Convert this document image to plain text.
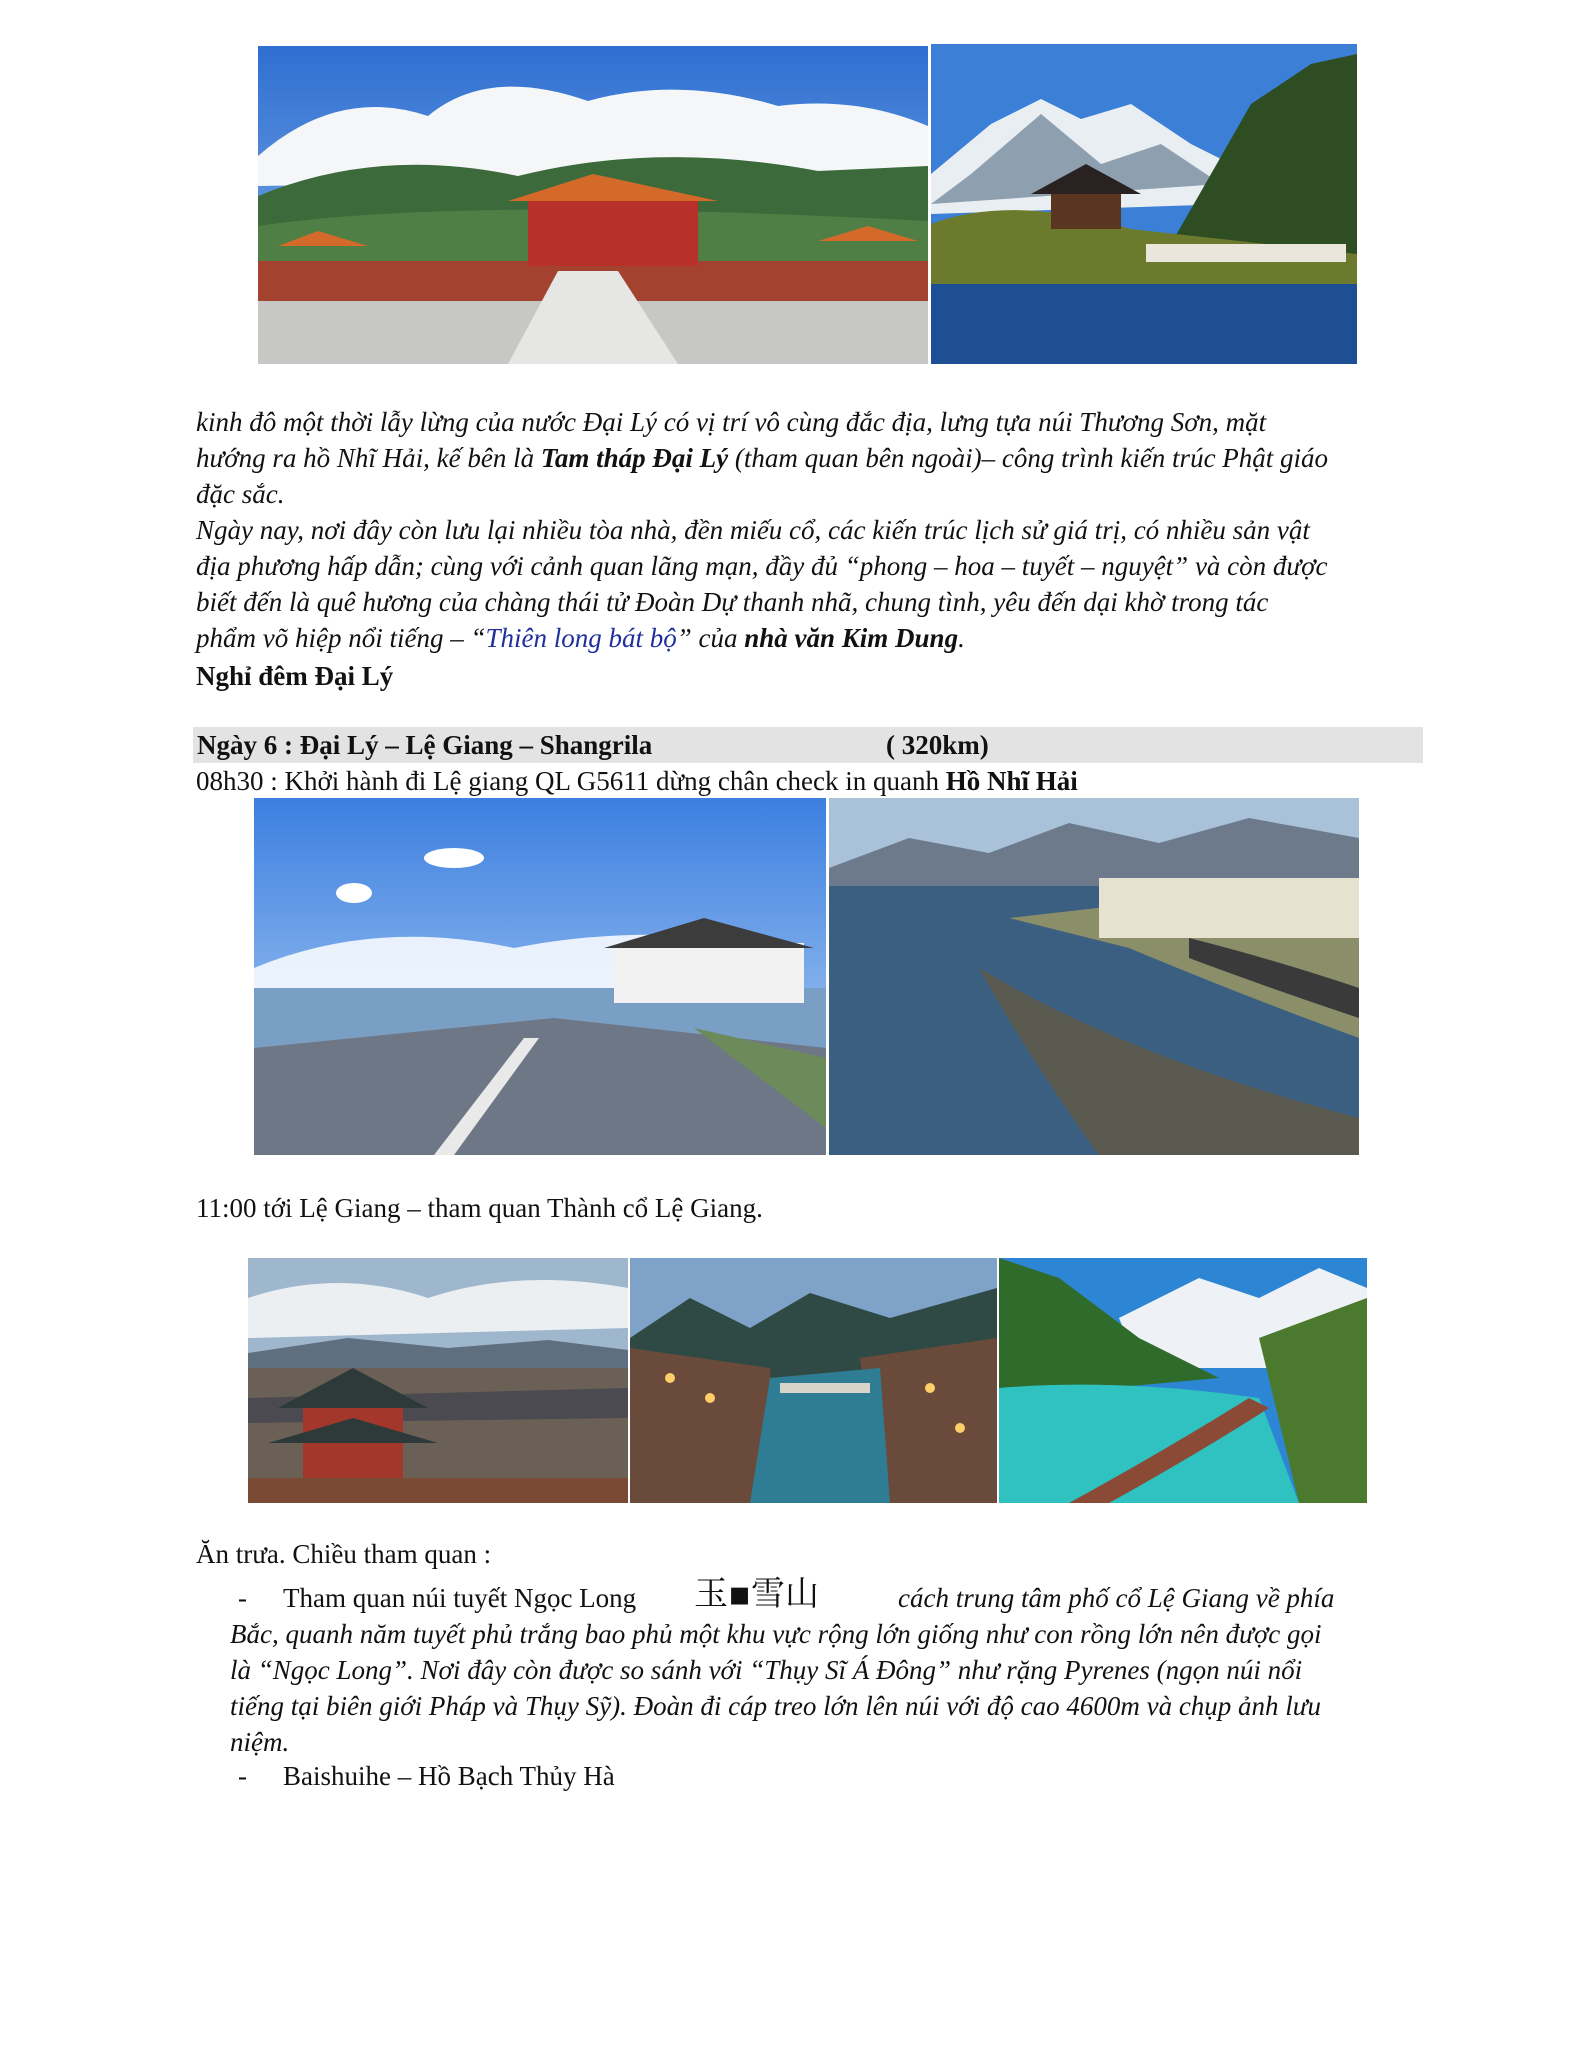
kinh đô một thời lẫy lừng của nước Đại Lý có vị trí vô cùng đắc địa, lưng tựa núi Thương Sơn, mặt
hướng ra hồ Nhĩ Hải, kế bên là Tam tháp Đại Lý (tham quan bên ngoài)– công trình kiến trúc Phật giáo
đặc sắc.
Ngày nay, nơi đây còn lưu lại nhiều tòa nhà, đền miếu cổ, các kiến trúc lịch sử giá trị, có nhiều sản vật
địa phương hấp dẫn; cùng với cảnh quan lãng mạn, đầy đủ “phong – hoa – tuyết – nguyệt” và còn được
biết đến là quê hương của chàng thái tử Đoàn Dự thanh nhã, chung tình, yêu đến dại khờ trong tác
phẩm võ hiệp nổi tiếng – “Thiên long bát bộ” của nhà văn Kim Dung.
Nghỉ đêm Đại Lý
Ngày 6 : Đại Lý – Lệ Giang – Shangrila	( 320km)
08h30 : Khởi hành đi Lệ giang QL G5611 dừng chân check in quanh Hồ Nhĩ Hải
11:00 tới Lệ Giang – tham quan Thành cổ Lệ Giang.
Ăn trưa. Chiều tham quan :
- Tham quan núi tuyết Ngọc Long 玉▪雪山	cách trung tâm phố cổ Lệ Giang về phía
Bắc, quanh năm tuyết phủ trắng bao phủ một khu vực rộng lớn giống như con rồng lớn nên được gọi
là “Ngọc Long”. Nơi đây còn được so sánh với “Thụy Sĩ Á Đông” như rặng Pyrenes (ngọn núi nổi
tiếng tại biên giới Pháp và Thụy Sỹ). Đoàn đi cáp treo lớn lên núi với độ cao 4600m và chụp ảnh lưu
niệm.
- Baishuihe – Hồ Bạch Thủy Hà
